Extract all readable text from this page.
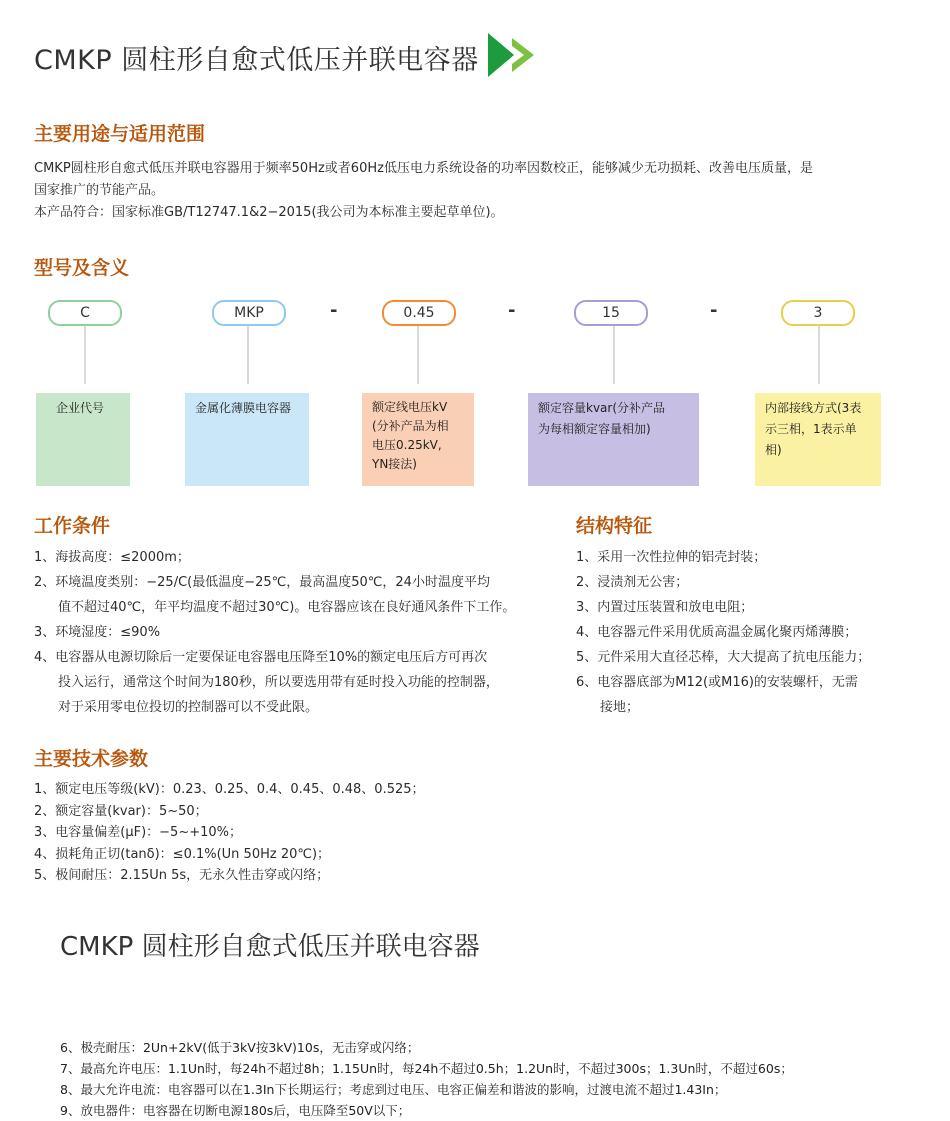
CMKP 圆柱形自愈式低压并联电容器
主要用途与适用范围
CMKP圆柱形自愈式低压并联电容器用于频率50Hz或者60Hz低压电力系统设备的功率因数校正，能够减少无功损耗、改善电压质量，是
国家推广的节能产品。
本产品符合：国家标准GB/T12747.1&2−2015(我公司为本标准主要起草单位)。
型号及含义
C	MKP	0.45	15	3
-	-	-
企业代号	金属化薄膜电容器	额定线电压kV
(分补产品为相
电压0.25kV,
YN接法)
额定容量kvar(分补产品
为每相额定容量相加)
内部接线方式(3表
示三相，1表示单
相)
工作条件
1、海拔高度：≤2000m；
2、环境温度类别：−25/C(最低温度−25℃，最高温度50℃，24小时温度平均
值不超过40℃，年平均温度不超过30℃)。电容器应该在良好通风条件下工作。
3、环境湿度：≤90%
4、电容器从电源切除后一定要保证电容器电压降至10%的额定电压后方可再次
投入运行，通常这个时间为180秒，所以要选用带有延时投入功能的控制器，
对于采用零电位投切的控制器可以不受此限。
结构特征
1、采用一次性拉伸的铝壳封装；
2、浸渍剂无公害；
3、内置过压装置和放电电阻；
4、电容器元件采用优质高温金属化聚丙烯薄膜；
5、元件采用大直径芯棒，大大提高了抗电压能力；
6、电容器底部为M12(或M16)的安装螺杆，无需
接地；
主要技术参数
1、额定电压等级(kV)：0.23、0.25、0.4、0.45、0.48、0.525；
2、额定容量(kvar)：5~50；
3、电容量偏差(μF)：−5~+10%；
4、损耗角正切(tanδ)：≤0.1%(Un 50Hz 20℃)；
5、极间耐压：2.15Un 5s，无永久性击穿或闪络；
CMKP 圆柱形自愈式低压并联电容器
6、极壳耐压：2Un+2kV(低于3kV按3kV)10s，无击穿或闪络；
7、最高允许电压：1.1Un时，每24h不超过8h；1.15Un时，每24h不超过0.5h；1.2Un时，不超过300s；1.3Un时，不超过60s；
8、最大允许电流：电容器可以在1.3In下长期运行；考虑到过电压、电容正偏差和谐波的影响，过渡电流不超过1.43In；
9、放电器件：电容器在切断电源180s后，电压降至50V以下；
